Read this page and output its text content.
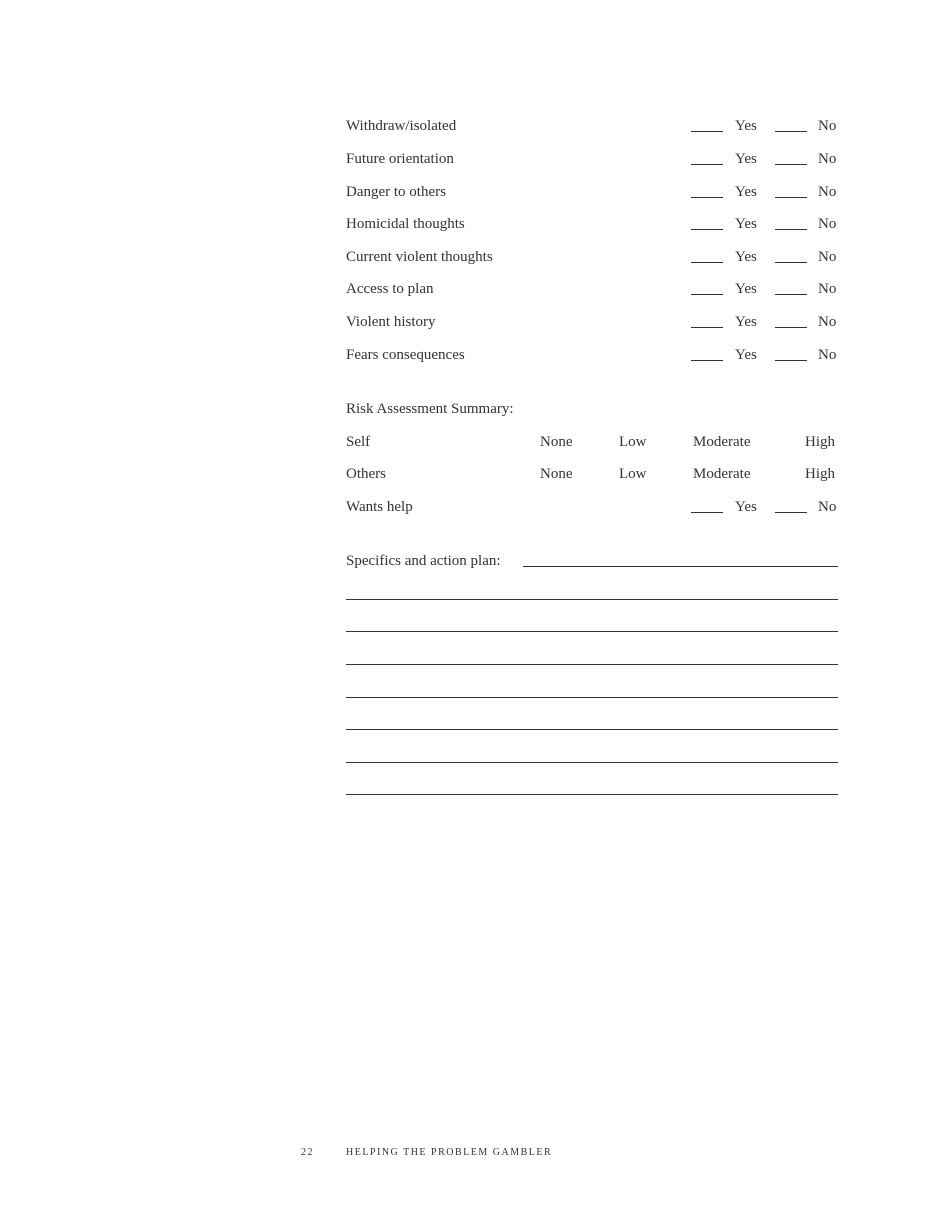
Withdraw/isolated	Yes	No
Future orientation	Yes	No
Danger to others	Yes	No
Homicidal thoughts	Yes	No
Current violent thoughts	Yes	No
Access to plan	Yes	No
Violent history	Yes	No
Fears consequences	Yes	No
Risk Assessment Summary:
Self	None	Low	Moderate	High
Others	None	Low	Moderate	High
Wants help	Yes	No
Specifics and action plan:
22	HELPING THE PROBLEM GAMBLER
